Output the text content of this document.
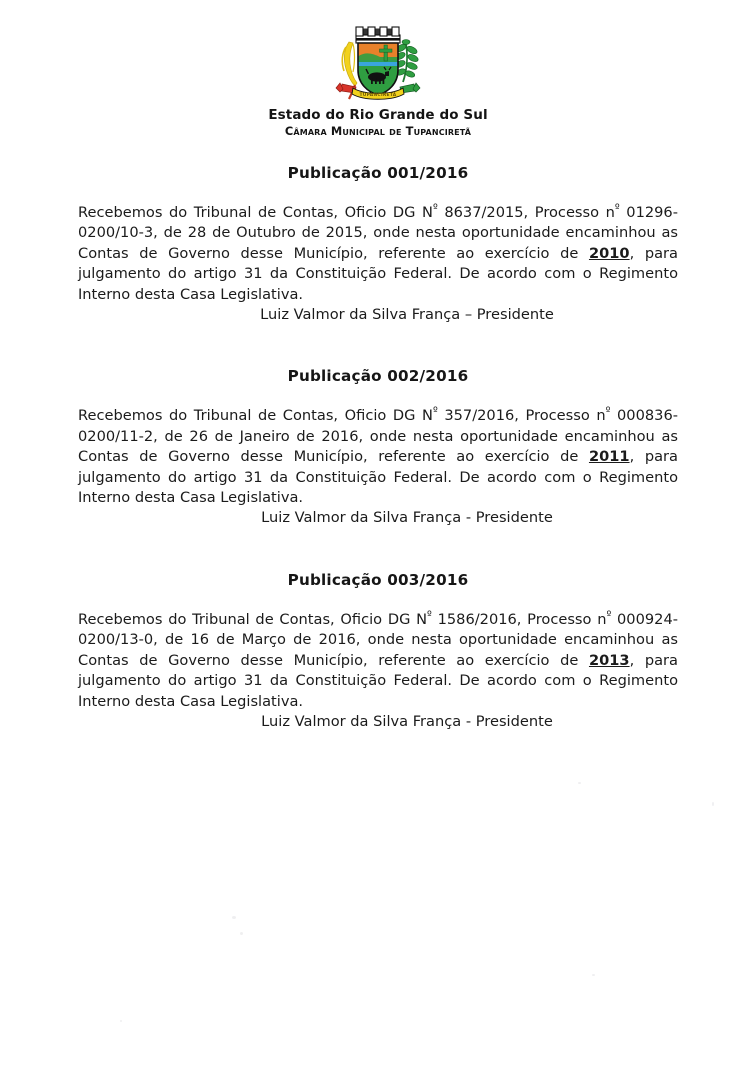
TUPANCIRETÃ

Estado do Rio Grande do Sul

Câmara Municipal de Tupanciretã

Publicação 001/2016

Recebemos do Tribunal de Contas, Oficio DG $N^º$ 8637/2015, Processo $n^º$ 01296-0200/10-3, de 28 de Outubro de 2015, onde nesta oportunidade encaminhou as Contas de Governo desse Município, referente ao exercício de 2010, para julgamento do artigo 31 da Constituição Federal. De acordo com o Regimento Interno desta Casa Legislativa.

Luiz Valmor da Silva França – Presidente

Publicação 002/2016

Recebemos do Tribunal de Contas, Oficio DG $N^º$ 357/2016, Processo $n^º$ 000836-0200/11-2, de 26 de Janeiro de 2016, onde nesta oportunidade encaminhou as Contas de Governo desse Município, referente ao exercício de 2011, para julgamento do artigo 31 da Constituição Federal. De acordo com o Regimento Interno desta Casa Legislativa.

Luiz Valmor da Silva França - Presidente

Publicação 003/2016

Recebemos do Tribunal de Contas, Oficio DG $N^º$ 1586/2016, Processo $n^º$ 000924-0200/13-0, de 16 de Março de 2016, onde nesta oportunidade encaminhou as Contas de Governo desse Município, referente ao exercício de 2013, para julgamento do artigo 31 da Constituição Federal. De acordo com o Regimento Interno desta Casa Legislativa.

Luiz Valmor da Silva França - Presidente
